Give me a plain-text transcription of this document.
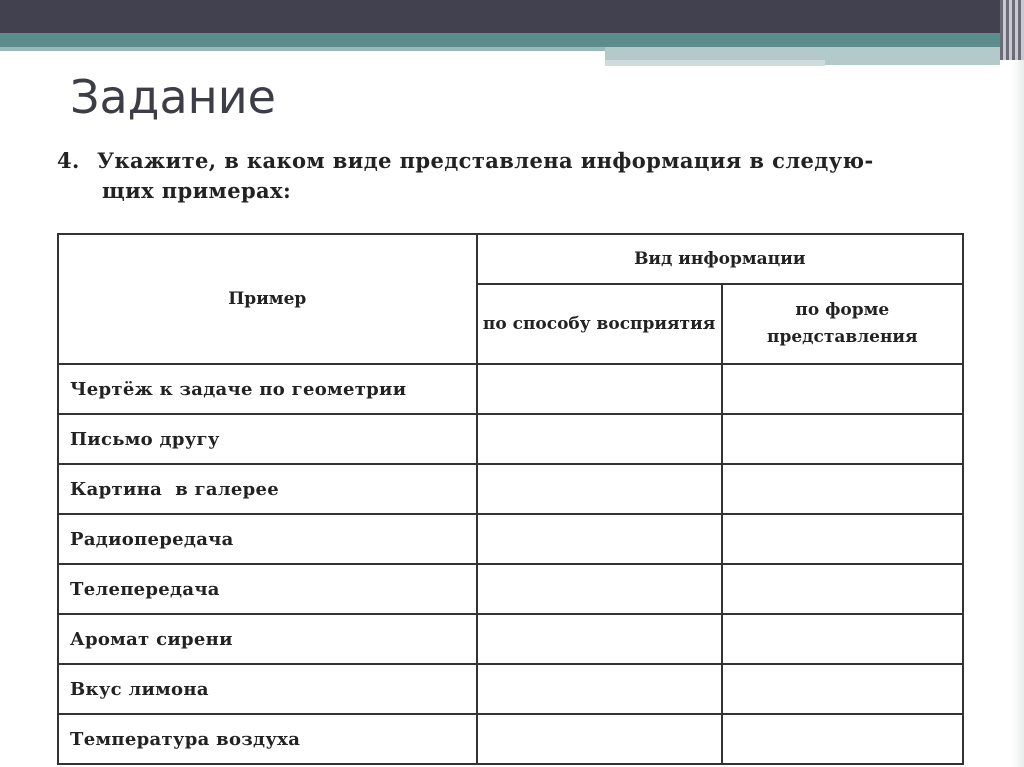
Задание
4. Укажите, в каком виде представлена информация в следую-
щих примерах:
Пример	Вид информации	
	по способу восприятия	по форме представления
Чертёж к задаче по геометрии		
Письмо другу		
Картина  в галерее		
Радиопередача		
Телепередача		
Аромат сирени		
Вкус лимона		
Температура воздуха		
